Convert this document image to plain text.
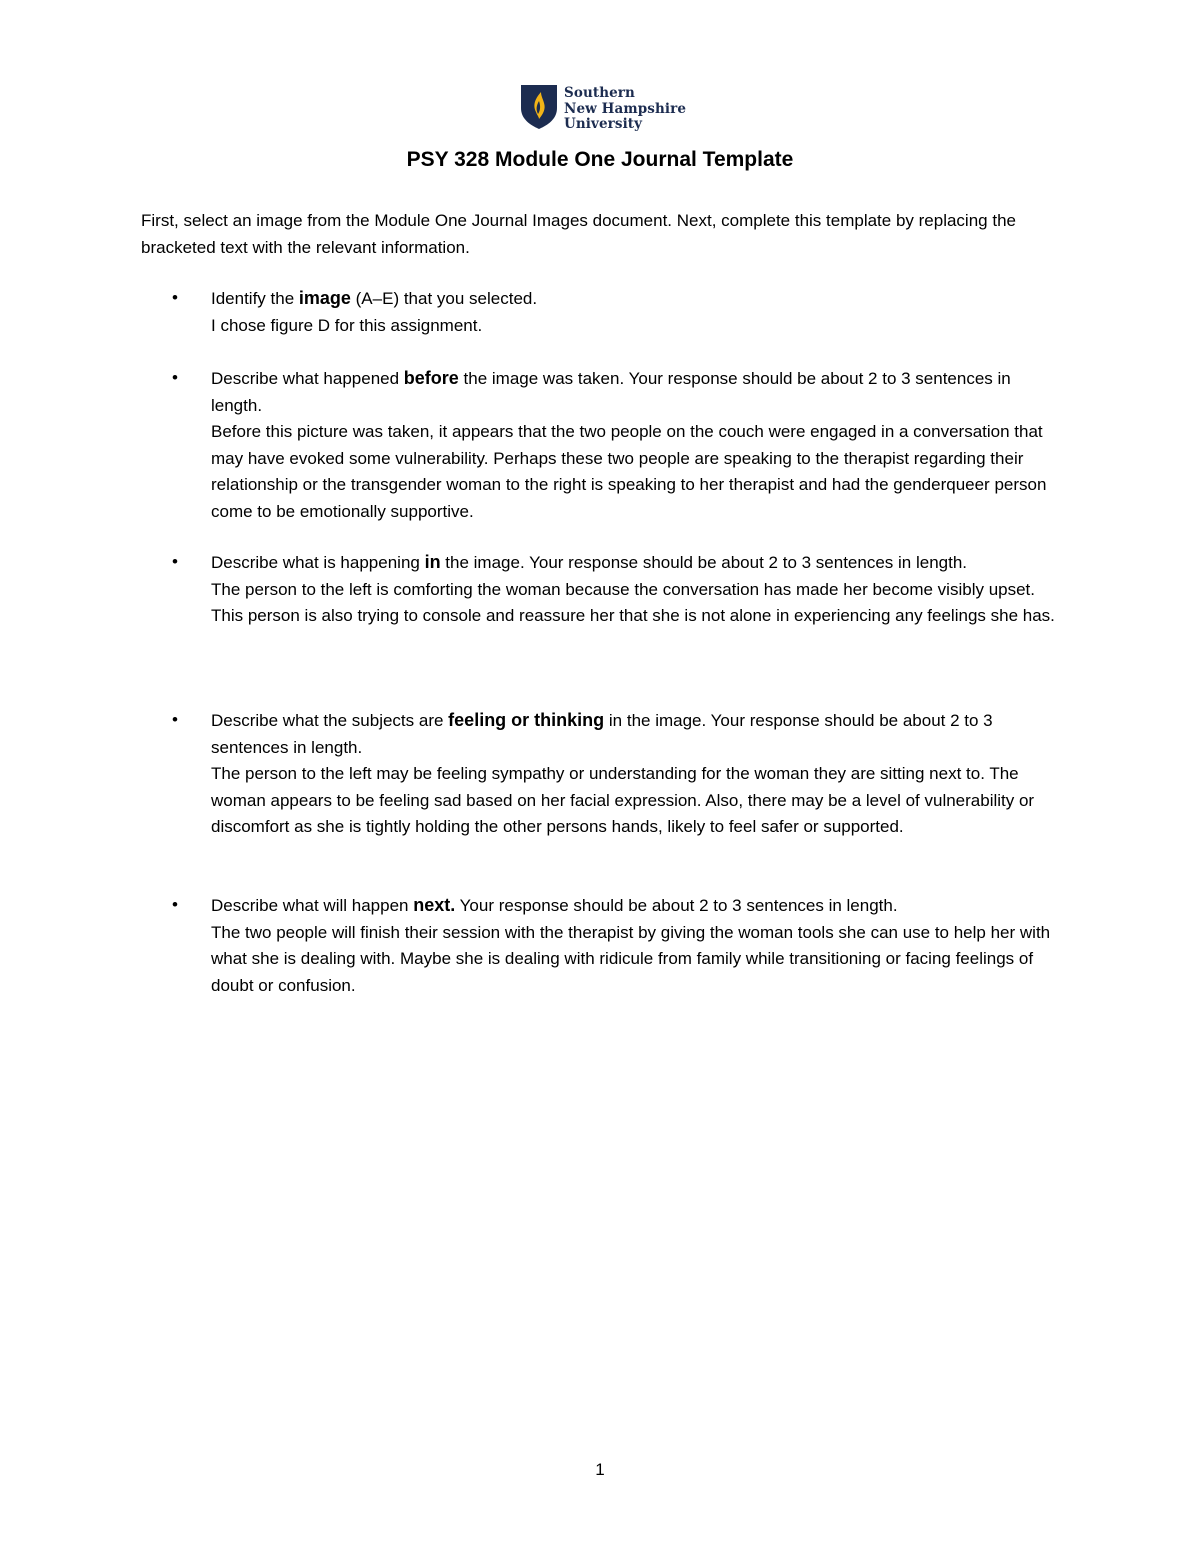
Southern
New Hampshire
University
PSY 328 Module One Journal Template
First, select an image from the Module One Journal Images document. Next, complete this template by replacing the bracketed text with the relevant information.
• Identify the image (A–E) that you selected.

I chose figure D for this assignment.

• Describe what happened before the image was taken. Your response should be about 2 to 3 sentences in length.

Before this picture was taken, it appears that the two people on the couch were engaged in a conversation that may have evoked some vulnerability. Perhaps these two people are speaking to the therapist regarding their relationship or the transgender woman to the right is speaking to her therapist and had the genderqueer person come to be emotionally supportive.

• Describe what is happening in the image. Your response should be about 2 to 3 sentences in length.

The person to the left is comforting the woman because the conversation has made her become visibly upset. This person is also trying to console and reassure her that she is not alone in experiencing any feelings she has.

• Describe what the subjects are feeling or thinking in the image. Your response should be about 2 to 3 sentences in length.

The person to the left may be feeling sympathy or understanding for the woman they are sitting next to. The woman appears to be feeling sad based on her facial expression. Also, there may be a level of vulnerability or discomfort as she is tightly holding the other persons hands, likely to feel safer or supported.

• Describe what will happen next. Your response should be about 2 to 3 sentences in length.

The two people will finish their session with the therapist by giving the woman tools she can use to help her with what she is dealing with. Maybe she is dealing with ridicule from family while transitioning or facing feelings of doubt or confusion.

1
